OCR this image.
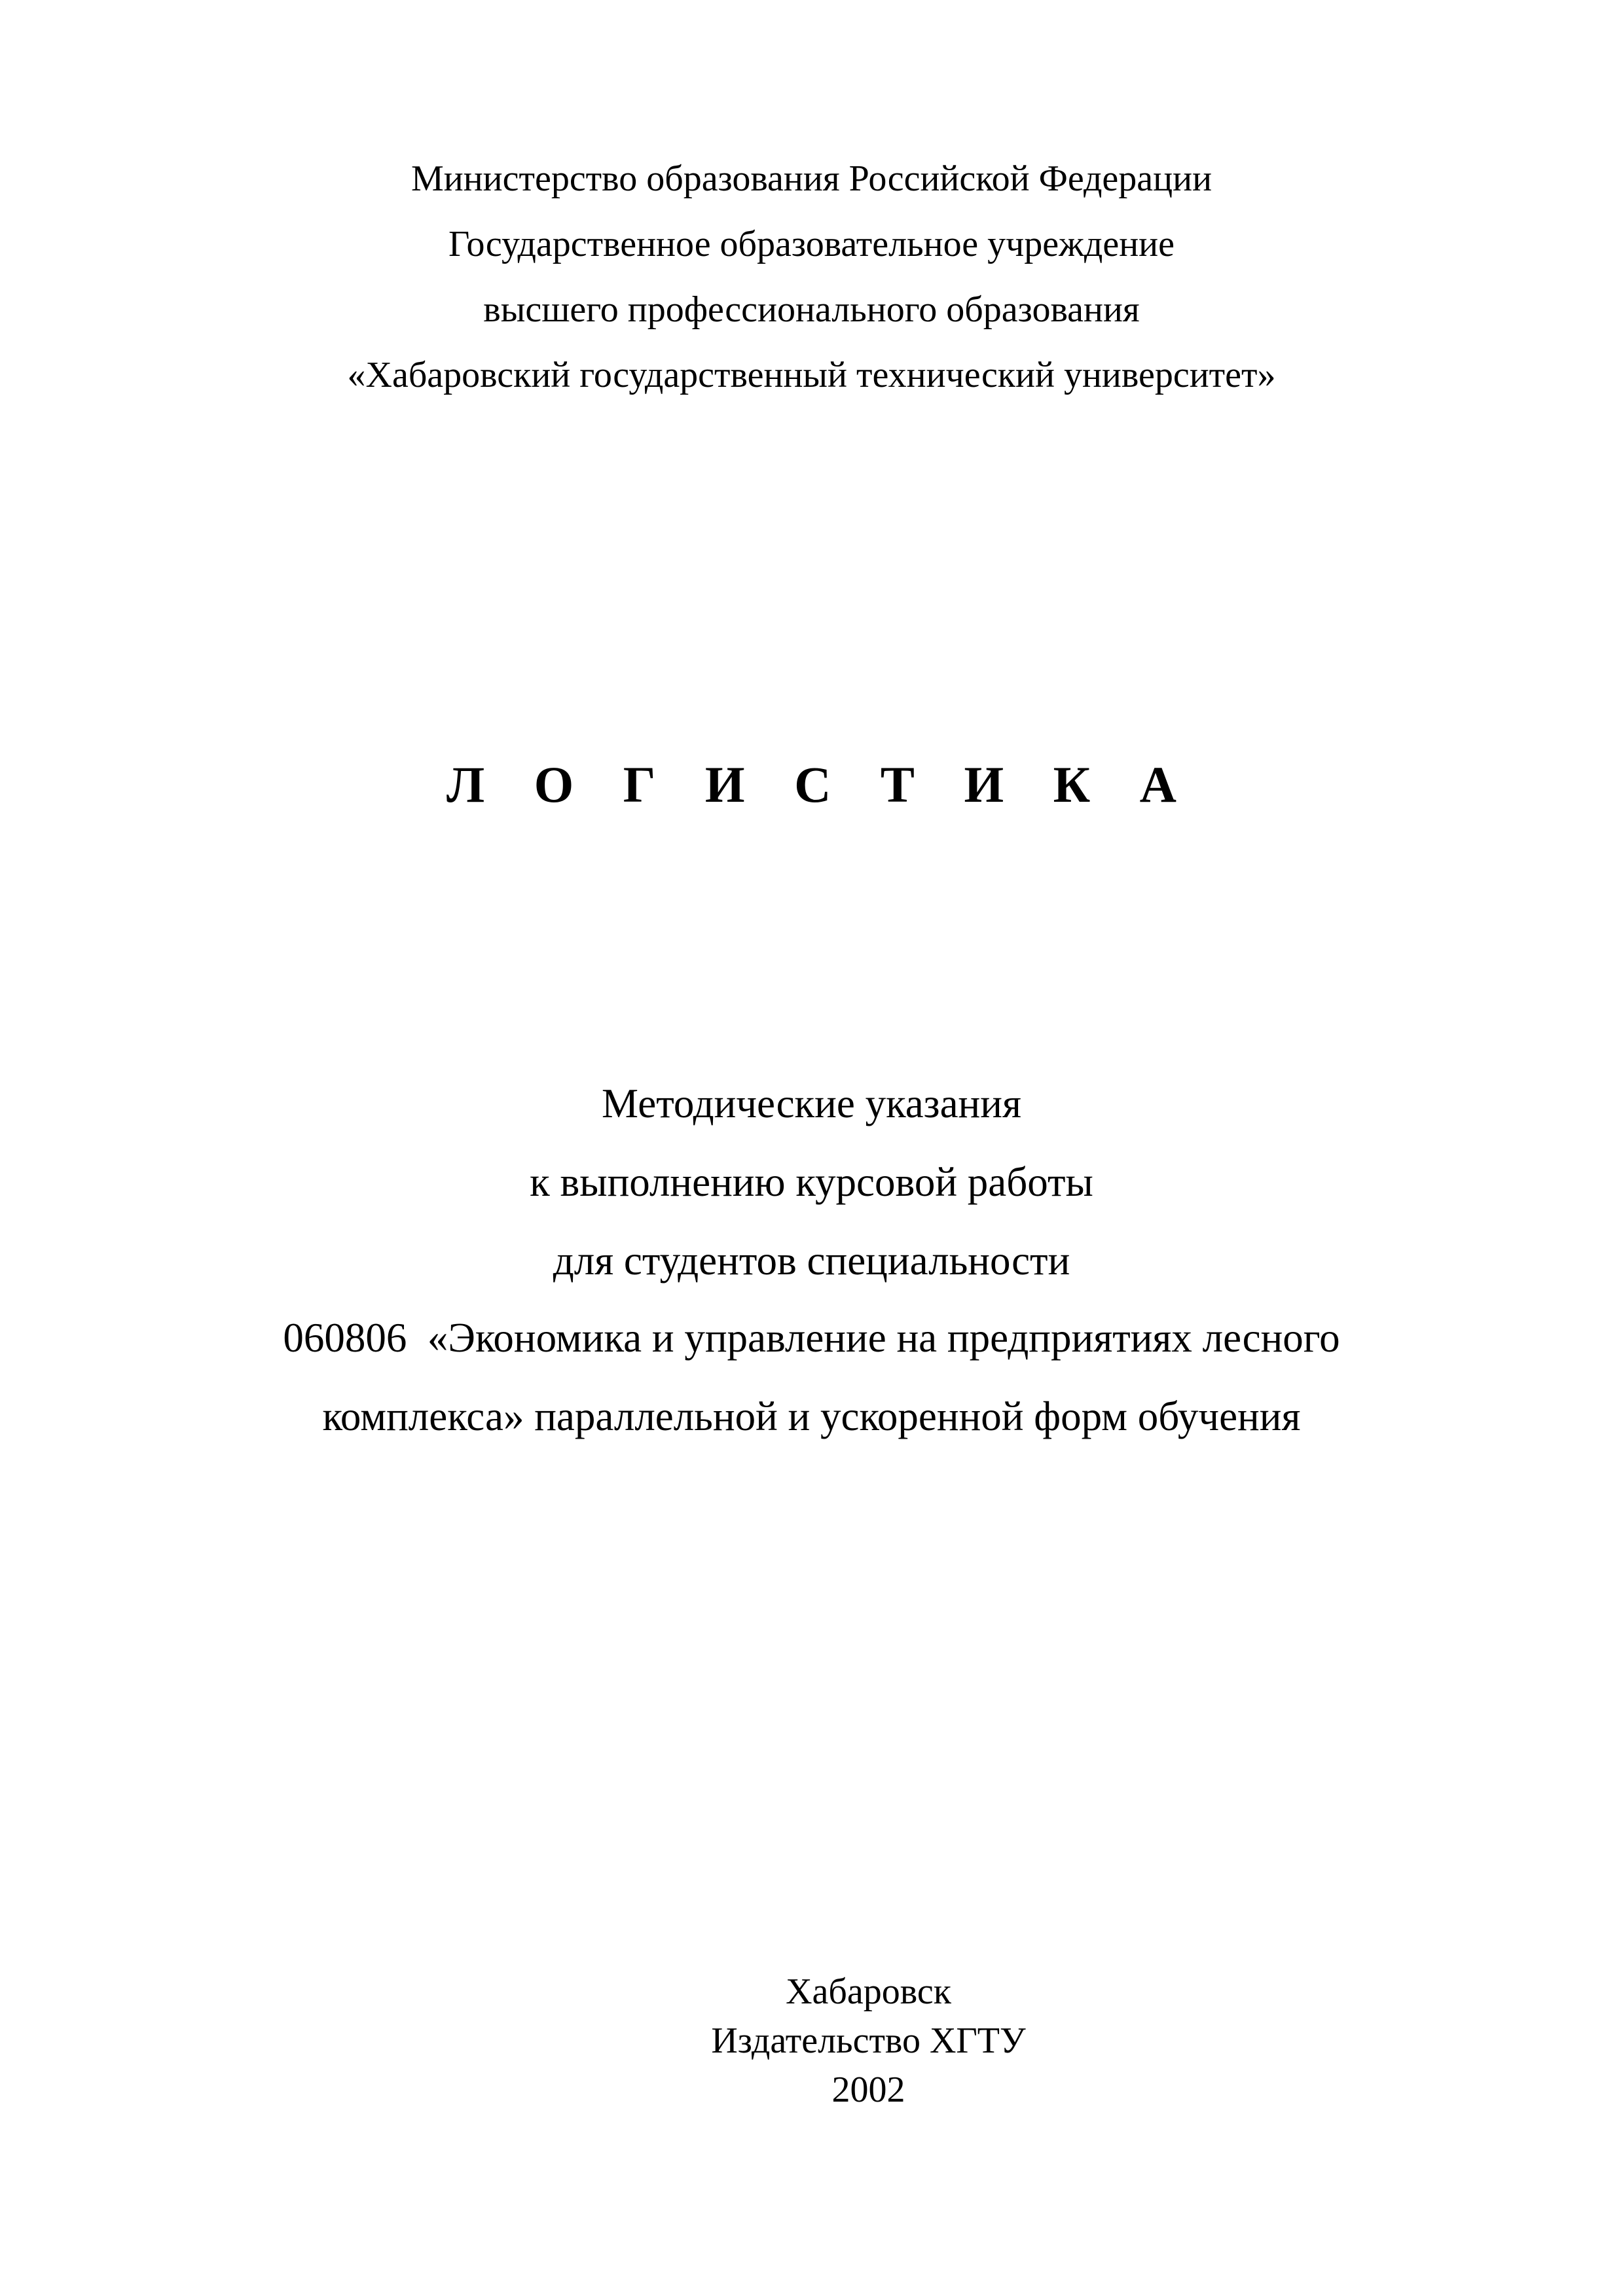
Министерство образования Российской Федерации
Государственное образовательное учреждение
высшего профессионального образования
«Хабаровский государственный технический университет»
Л О Г И С Т И К А
Методические указания
к выполнению курсовой работы
для студентов специальности
060806  «Экономика и управление на предприятиях лесного
комплекса» параллельной и ускоренной форм обучения
Хабаровск
Издательство ХГТУ
2002
